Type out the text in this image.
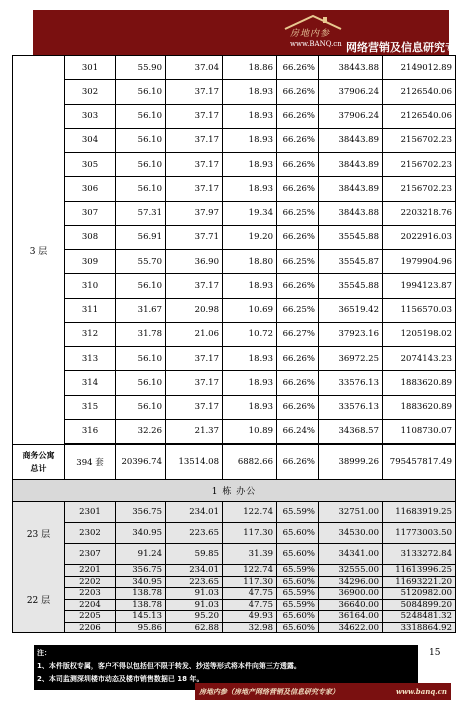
房地内参
www.BANQ.cn 网络营销及信息研究专家
3 层
301	55.90	37.04	18.86	66.26%	38443.88	2149012.89
302	56.10	37.17	18.93	66.26%	37906.24	2126540.06
303	56.10	37.17	18.93	66.26%	37906.24	2126540.06
304	56.10	37.17	18.93	66.26%	38443.89	2156702.23
305	56.10	37.17	18.93	66.26%	38443.89	2156702.23
306	56.10	37.17	18.93	66.26%	38443.89	2156702.23
307	57.31	37.97	19.34	66.25%	38443.88	2203218.76
308	56.91	37.71	19.20	66.26%	35545.88	2022916.03
309	55.70	36.90	18.80	66.25%	35545.87	1979904.96
310	56.10	37.17	18.93	66.26%	35545.88	1994123.87
311	31.67	20.98	10.69	66.25%	36519.42	1156570.03
312	31.78	21.06	10.72	66.27%	37923.16	1205198.02
313	56.10	37.17	18.93	66.26%	36972.25	2074143.23
314	56.10	37.17	18.93	66.26%	33576.13	1883620.89
315	56.10	37.17	18.93	66.26%	33576.13	1883620.89
316	32.26	21.37	10.89	66.24%	34368.57	1108730.07
商务公寓
总计
394 套	20396.74	13514.08	6882.66	66.26%	38999.26	795457817.49
1 栋 办公
23 层
2301	356.75	234.01	122.74	65.59%	32751.00	11683919.25
2302	340.95	223.65	117.30	65.60%	34530.00	11773003.50
2307	91.24	59.85	31.39	65.60%	34341.00	3133272.84
22 层
2201	356.75	234.01	122.74	65.59%	32555.00	11613996.25
2202	340.95	223.65	117.30	65.60%	34296.00	11693221.20
2203	138.78	91.03	47.75	65.59%	36900.00	5120982.00
2204	138.78	91.03	47.75	65.59%	36640.00	5084899.20
2205	145.13	95.20	49.93	65.60%	36164.00	5248481.32
2206	95.86	62.88	32.98	65.60%	34622.00	3318864.92
注：
1、本件版权专属，客户不得以包括但不限于转发、抄送等形式将本件向第三方透露。
2、本司监测深圳楼市动态及楼市销售数据已 18 年。
15
房地内参（房地产网络营销及信息研究专家）	www.banq.cn
